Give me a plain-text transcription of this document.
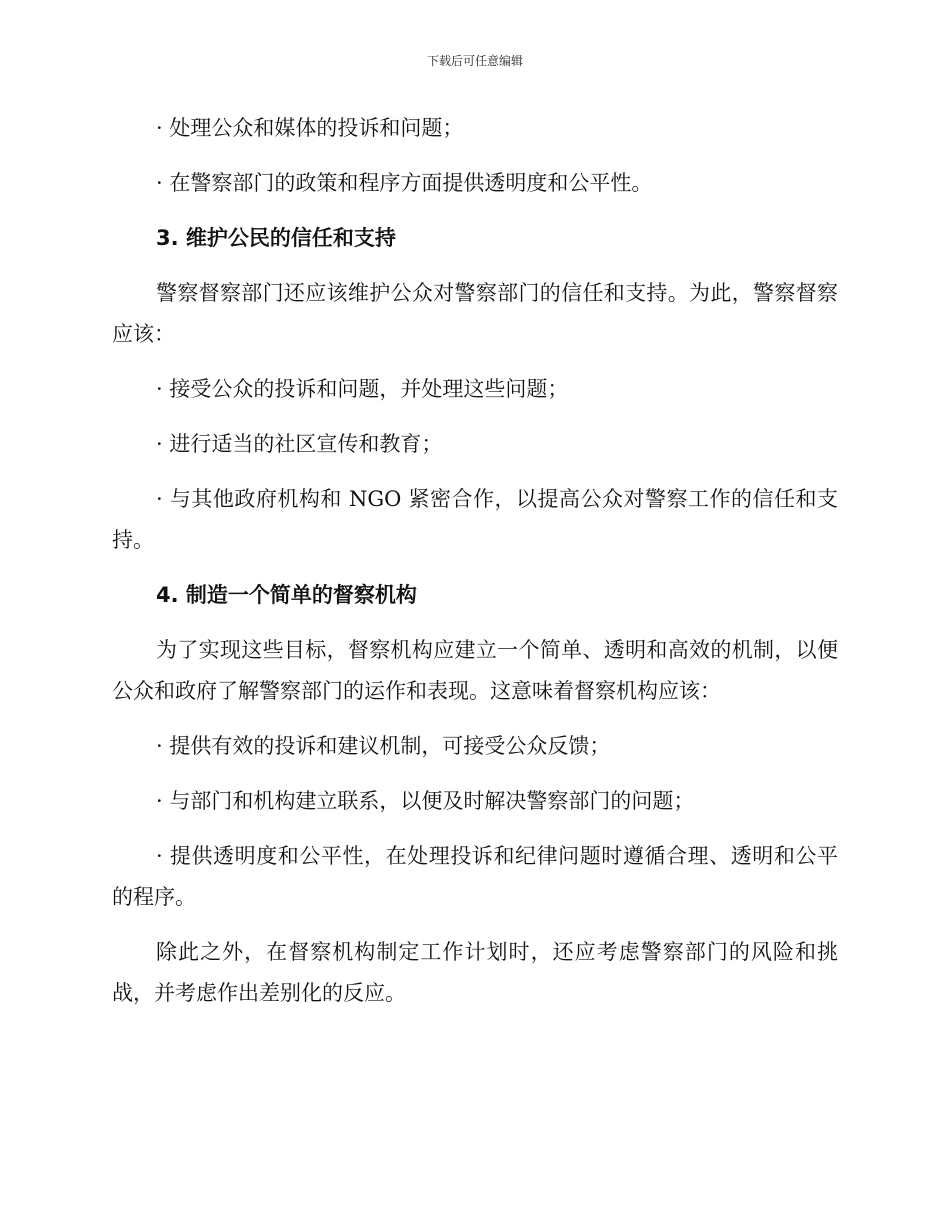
下载后可任意编辑

· 处理公众和媒体的投诉和问题；

· 在警察部门的政策和程序方面提供透明度和公平性。

3. 维护公民的信任和支持

警察督察部门还应该维护公众对警察部门的信任和支持。为此，警察督察应该：

· 接受公众的投诉和问题，并处理这些问题；

· 进行适当的社区宣传和教育；

· 与其他政府机构和 NGO 紧密合作，以提高公众对警察工作的信任和支持。

4. 制造一个简单的督察机构

为了实现这些目标，督察机构应建立一个简单、透明和高效的机制，以便公众和政府了解警察部门的运作和表现。这意味着督察机构应该：

· 提供有效的投诉和建议机制，可接受公众反馈；

· 与部门和机构建立联系，以便及时解决警察部门的问题；

· 提供透明度和公平性，在处理投诉和纪律问题时遵循合理、透明和公平的程序。

除此之外，在督察机构制定工作计划时，还应考虑警察部门的风险和挑战，并考虑作出差别化的反应。
